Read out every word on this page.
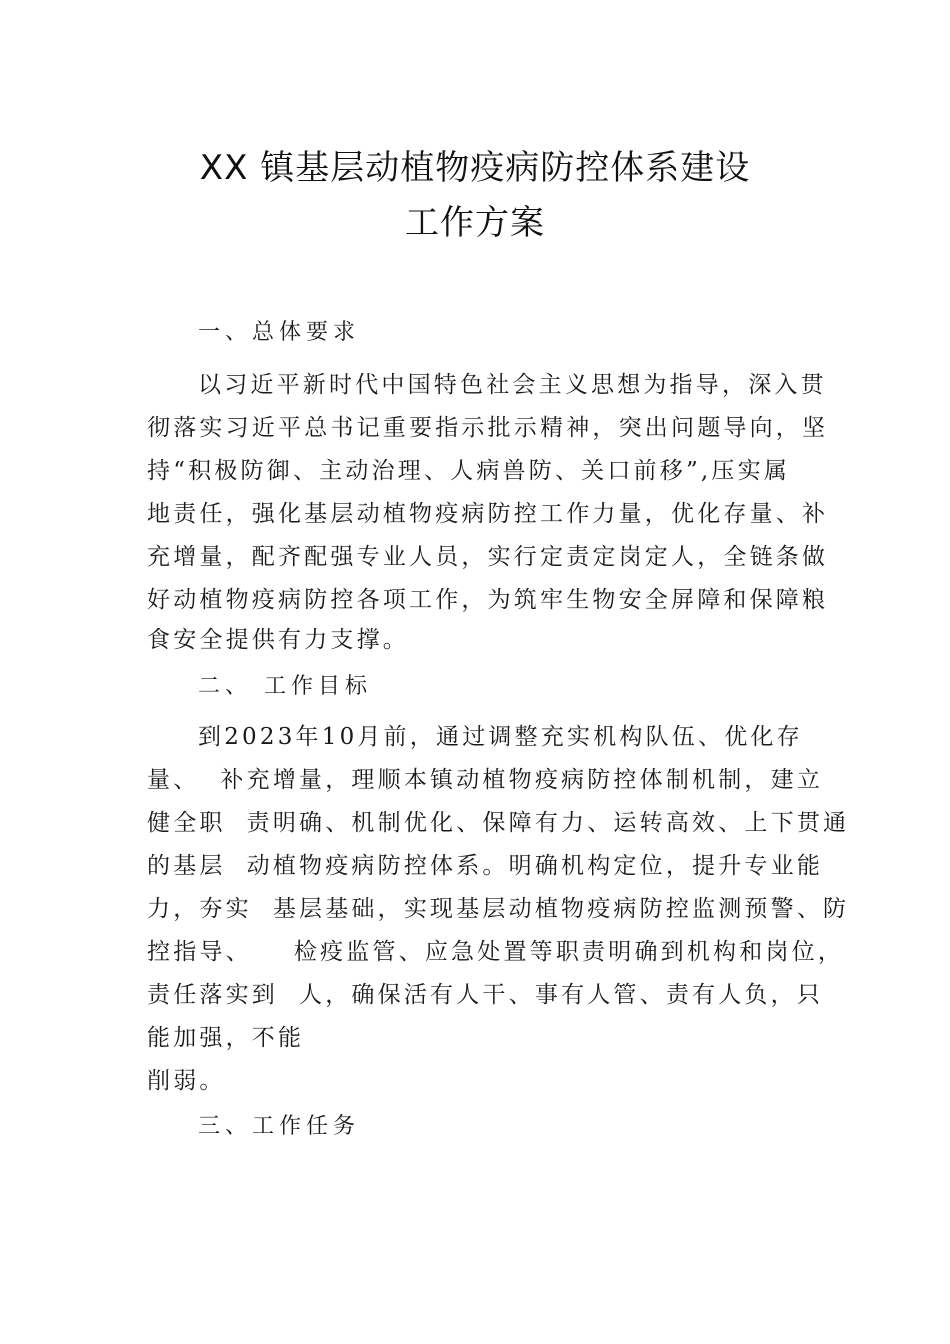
XX 镇基层动植物疫病防控体系建设
工作方案
一、总体要求
以习近平新时代中国特色社会主义思想为指导，深入贯
彻落实习近平总书记重要指示批示精神，突出问题导向，坚
持“积极防御、主动治理、人病兽防、关口前移”,压实属
地责任，强化基层动植物疫病防控工作力量，优化存量、补
充增量，配齐配强专业人员，实行定责定岗定人，全链条做
好动植物疫病防控各项工作，为筑牢生物安全屏障和保障粮
食安全提供有力支撑。
二、 工作目标
到2023年10月前，通过调整充实机构队伍、优化存
量、  补充增量，理顺本镇动植物疫病防控体制机制，建立
健全职  责明确、机制优化、保障有力、运转高效、上下贯通
的基层  动植物疫病防控体系。明确机构定位，提升专业能
力，夯实  基层基础，实现基层动植物疫病防控监测预警、防
控指导、    检疫监管、应急处置等职责明确到机构和岗位，
责任落实到  人，确保活有人干、事有人管、责有人负，只
能加强，不能
削弱。
三、工作任务
